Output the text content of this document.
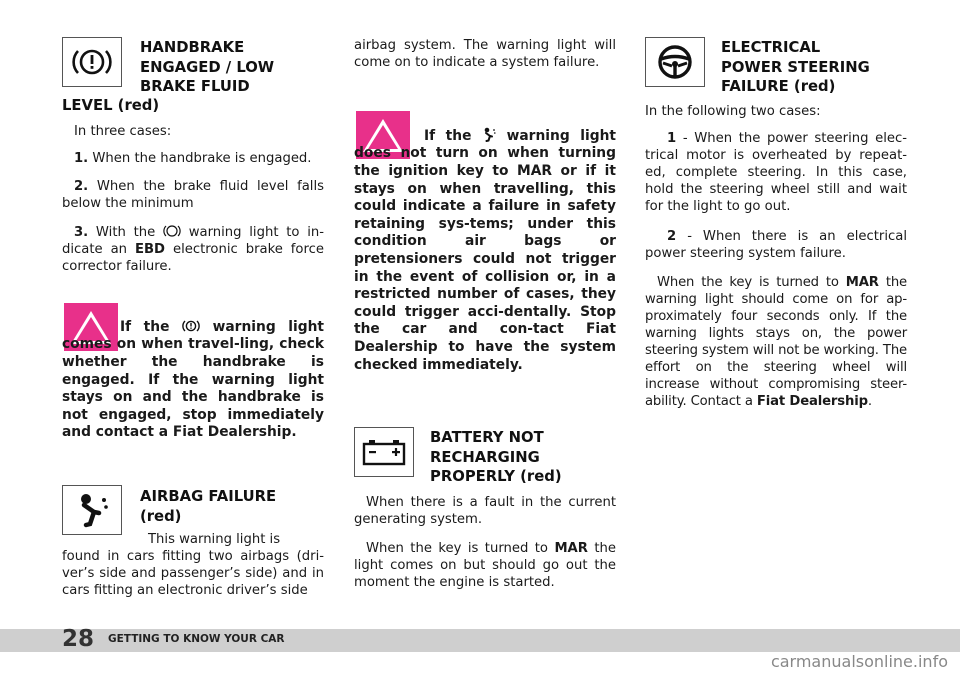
HANDBRAKE
ENGAGED / LOW
BRAKE FLUID
LEVEL (red)

In three cases:

1. When the handbrake is engaged.

2. When the brake fluid level falls below the minimum

3. With the	warning light to in-dicate an EBD electronic brake force corrector failure.

If the	warning light comes on when travel-ling, check whether the handbrake is engaged. If the warning light stays on and the handbrake is not engaged, stop immediately and contact a Fiat Dealership.

AIRBAG FAILURE
(red)

This warning light is

found in cars fitting two airbags (dri-ver’s side and passenger’s side) and in cars fitting an electronic driver’s side

airbag system. The warning light will come on to indicate a system failure.

If the	warning light does not turn on when turning the ignition key to MAR or if it stays on when travelling, this could indicate a failure in safety retaining sys-tems; under this condition air bags or pretensioners could not trigger in the event of collision or, in a restricted number of cases, they could trigger acci-dentally. Stop the car and con-tact Fiat Dealership to have the system checked immediately.

BATTERY NOT
RECHARGING
PROPERLY (red)

When there is a fault in the current generating system.

When the key is turned to MAR the light comes on but should go out the moment the engine is started.

ELECTRICAL
POWER STEERING
FAILURE (red)

In the following two cases:

1 - When the power steering elec-trical motor is overheated by repeat-ed, complete steering. In this case, hold the steering wheel still and wait for the light to go out.

2 - When there is an electrical power steering system failure.

When the key is turned to MAR the warning light should come on for ap-proximately four seconds only. If the warning lights stays on, the power steering system will not be working. The effort on the steering wheel will increase without compromising steer-ability. Contact a Fiat Dealership.

28 GETTING TO KNOW YOUR CAR
carmanualsonline.info
